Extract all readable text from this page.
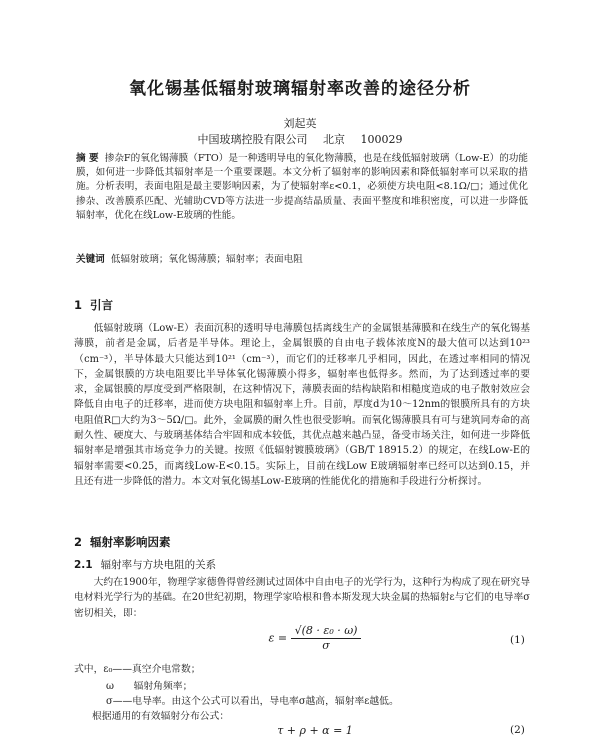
氧化锡基低辐射玻璃辐射率改善的途径分析
刘起英
中国玻璃控股有限公司 北京 100029
摘 要 掺杂F的氧化锡薄膜（FTO）是一种透明导电的氧化物薄膜，也是在线低辐射玻璃（Low-E）的功能膜，如何进一步降低其辐射率是一个重要课题。本文分析了辐射率的影响因素和降低辐射率可以采取的措施。分析表明，表面电阻是最主要影响因素，为了使辐射率ε<0.1，必须使方块电阻<8.1Ω/□；通过优化掺杂、改善膜系匹配、光辅助CVD等方法进一步提高结晶质量、表面平整度和堆积密度，可以进一步降低辐射率，优化在线Low-E玻璃的性能。
关键词 低辐射玻璃；氧化锡薄膜；辐射率；表面电阻
1 引言
低辐射玻璃（Low-E）表面沉积的透明导电薄膜包括离线生产的金属银基薄膜和在线生产的氧化锡基薄膜，前者是金属，后者是半导体。理论上，金属银膜的自由电子载体浓度N的最大值可以达到10²³（cm⁻³），半导体最大只能达到10²¹（cm⁻³），而它们的迁移率几乎相同，因此，在透过率相同的情况下，金属银膜的方块电阻要比半导体氧化锡薄膜小得多，辐射率也低得多。然而，为了达到透过率的要求，金属银膜的厚度受到严格限制，在这种情况下，薄膜表面的结构缺陷和相糙度造成的电子散射效应会降低自由电子的迁移率，进而使方块电阻和辐射率上升。目前，厚度d为10～12nm的银膜所具有的方块电阻值R□大约为3～5Ω/□。此外，金属膜的耐久性也很受影响。而氧化锡薄膜具有可与建筑同寿命的高耐久性、硬度大、与玻璃基体结合牢固和成本较低，其优点越来越凸显，备受市场关注，如何进一步降低辐射率是增强其市场竞争力的关键。按照《低辐射镀膜玻璃》（GB/T 18915.2）的规定，在线Low-E的辐射率需要<0.25，而离线Low-E<0.15。实际上，目前在线Low E玻璃辐射率已经可以达到0.15，并且还有进一步降低的潜力。本文对氧化锡基Low-E玻璃的性能优化的措施和手段进行分析探讨。
2 辐射率影响因素
2.1 辐射率与方块电阻的关系
大约在1900年，物理学家德鲁得曾经测试过固体中自由电子的光学行为，这种行为构成了现在研究导电材料光学行为的基础。在20世纪初期，物理学家哈根和鲁本斯发现大块金属的热辐射ε与它们的电导率σ密切相关，即：
$\varepsilon = \frac{\text{√(8 · ε₀ · ω)}}{\sigma}$	(1)
式中，ε₀——真空介电常数；
ω　　辐射角频率；
σ——电导率。由这个公式可以看出，导电率σ越高，辐射率ε越低。
根据通用的有效辐射分布公式：
τ + ρ + α = 1	(2)
